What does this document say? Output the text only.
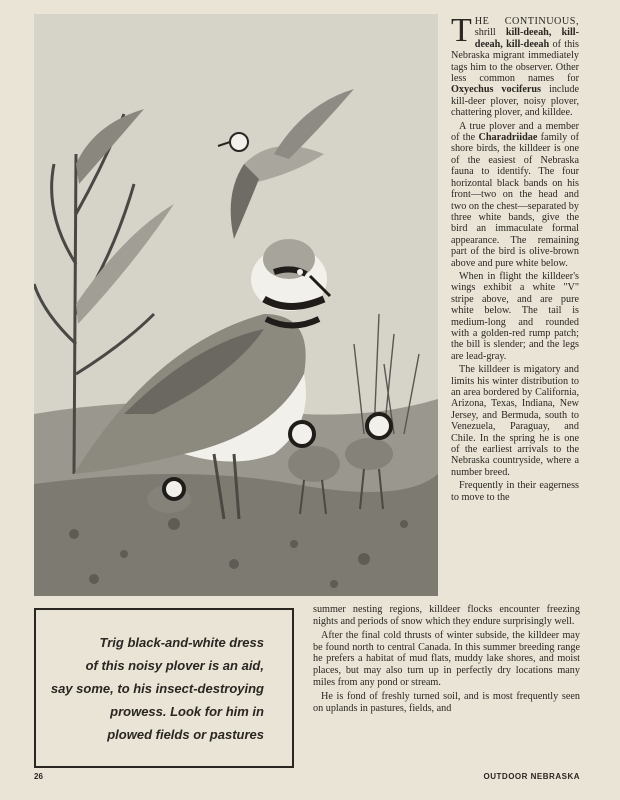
T HE CONTINUOUS, shrill kill-deeah, kill-deeah, kill-deeah of this Nebraska migrant immediately tags him to the observer. Other less common names for Oxyechus vociferus include kill-deer plover, noisy plover, chattering plover, and killdee.

A true plover and a member of the Charadriidae family of shore birds, the killdeer is one of the easiest of Nebraska fauna to identify. The four horizontal black bands on his front—two on the head and two on the chest—separated by three white bands, give the bird an immaculate formal appearance. The remaining part of the bird is olive-brown above and pure white below.

When in flight the killdeer's wings exhibit a white "V" stripe above, and are pure white below. The tail is medium-long and rounded with a golden-red rump patch; the bill is slender; and the legs are lead-gray.

The killdeer is migatory and limits his winter distribution to an area bordered by California, Arizona, Texas, Indiana, New Jersey, and Bermuda, south to Venezuela, Paraguay, and Chile. In the spring he is one of the earliest arrivals to the Nebraska countryside, where a number breed.

Frequently in their eagerness to move to the

Trig black-and-white dress
of this noisy plover is an aid,
say some, to his insect-destroying
prowess. Look for him in
plowed fields or pastures

summer nesting regions, killdeer flocks encounter freezing nights and periods of snow which they endure surprisingly well.

After the final cold thrusts of winter subside, the killdeer may be found north to central Canada. In this summer breeding range he prefers a habitat of mud flats, muddy lake shores, and moist places, but may also turn up in perfectly dry locations many miles from any pond or stream.

He is fond of freshly turned soil, and is most frequently seen on uplands in pastures, fields, and

26	OUTDOOR NEBRASKA
